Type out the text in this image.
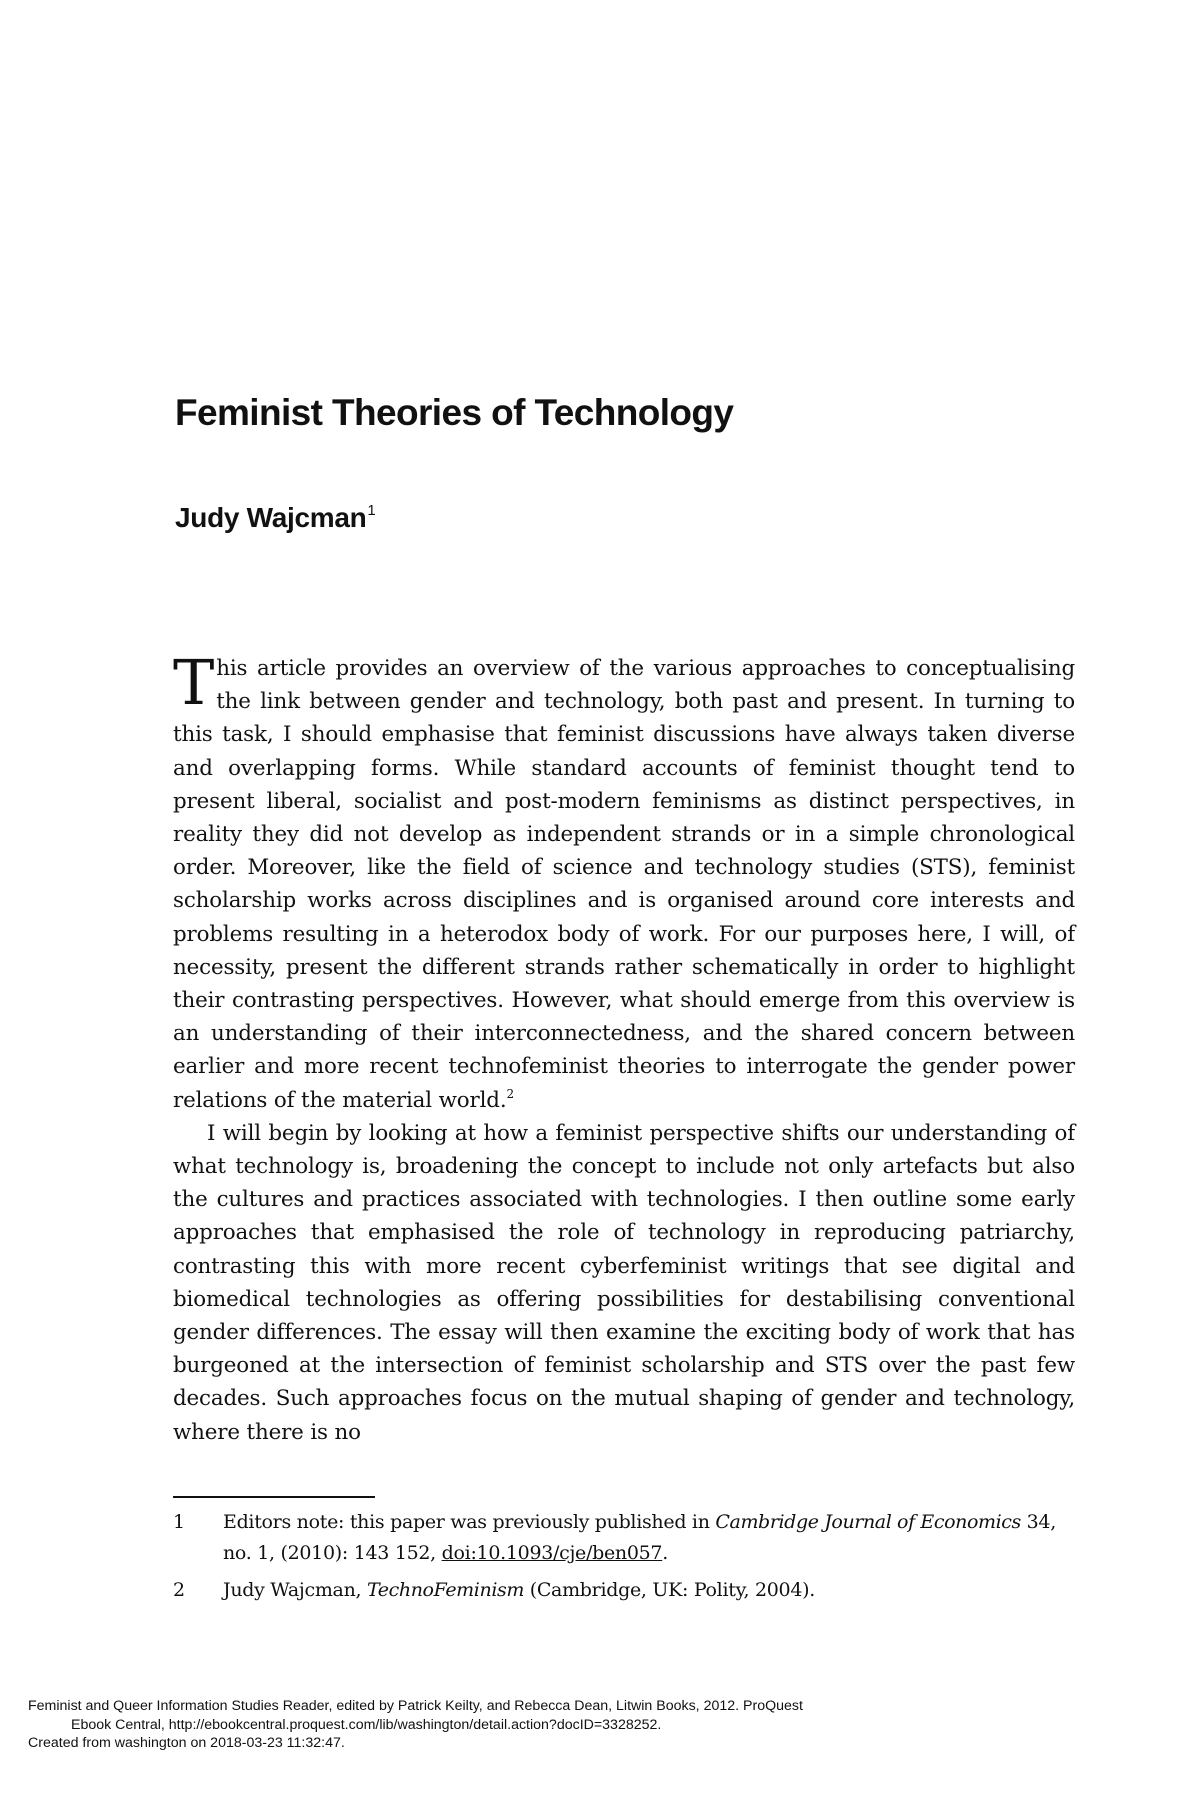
Feminist Theories of Technology
Judy Wajcman$^1$

This article provides an overview of the various approaches to conceptualising the link between gender and technology, both past and present. In turning to this task, I should emphasise that feminist discussions have always taken diverse and overlapping forms. While standard accounts of feminist thought tend to present liberal, socialist and post-modern feminisms as distinct perspectives, in reality they did not develop as independent strands or in a simple chronological order. Moreover, like the field of science and technology studies (STS), feminist scholarship works across disciplines and is organised around core interests and problems resulting in a heterodox body of work. For our purposes here, I will, of necessity, present the different strands rather schematically in order to highlight their contrasting perspectives. However, what should emerge from this overview is an understanding of their interconnectedness, and the shared concern between earlier and more recent technofeminist theories to interrogate the gender power relations of the material world.$^2$

I will begin by looking at how a feminist perspective shifts our understanding of what technology is, broadening the concept to include not only artefacts but also the cultures and practices associated with technologies. I then outline some early approaches that emphasised the role of technology in reproducing patriarchy, contrasting this with more recent cyberfeminist writings that see digital and biomedical technologies as offering possibilities for destabilising conventional gender differences. The essay will then examine the exciting body of work that has burgeoned at the intersection of feminist scholarship and STS over the past few decades. Such approaches focus on the mutual shaping of gender and technology, where there is no

1	Editors note: this paper was previously published in Cambridge Journal of Economics 34, no. 1, (2010): 143 152, doi:10.1093/cje/ben057.
2	Judy Wajcman, TechnoFeminism (Cambridge, UK: Polity, 2004).
Feminist and Queer Information Studies Reader, edited by Patrick Keilty, and Rebecca Dean, Litwin Books, 2012. ProQuest
Ebook Central, http://ebookcentral.proquest.com/lib/washington/detail.action?docID=3328252.
Created from washington on 2018-03-23 11:32:47.
